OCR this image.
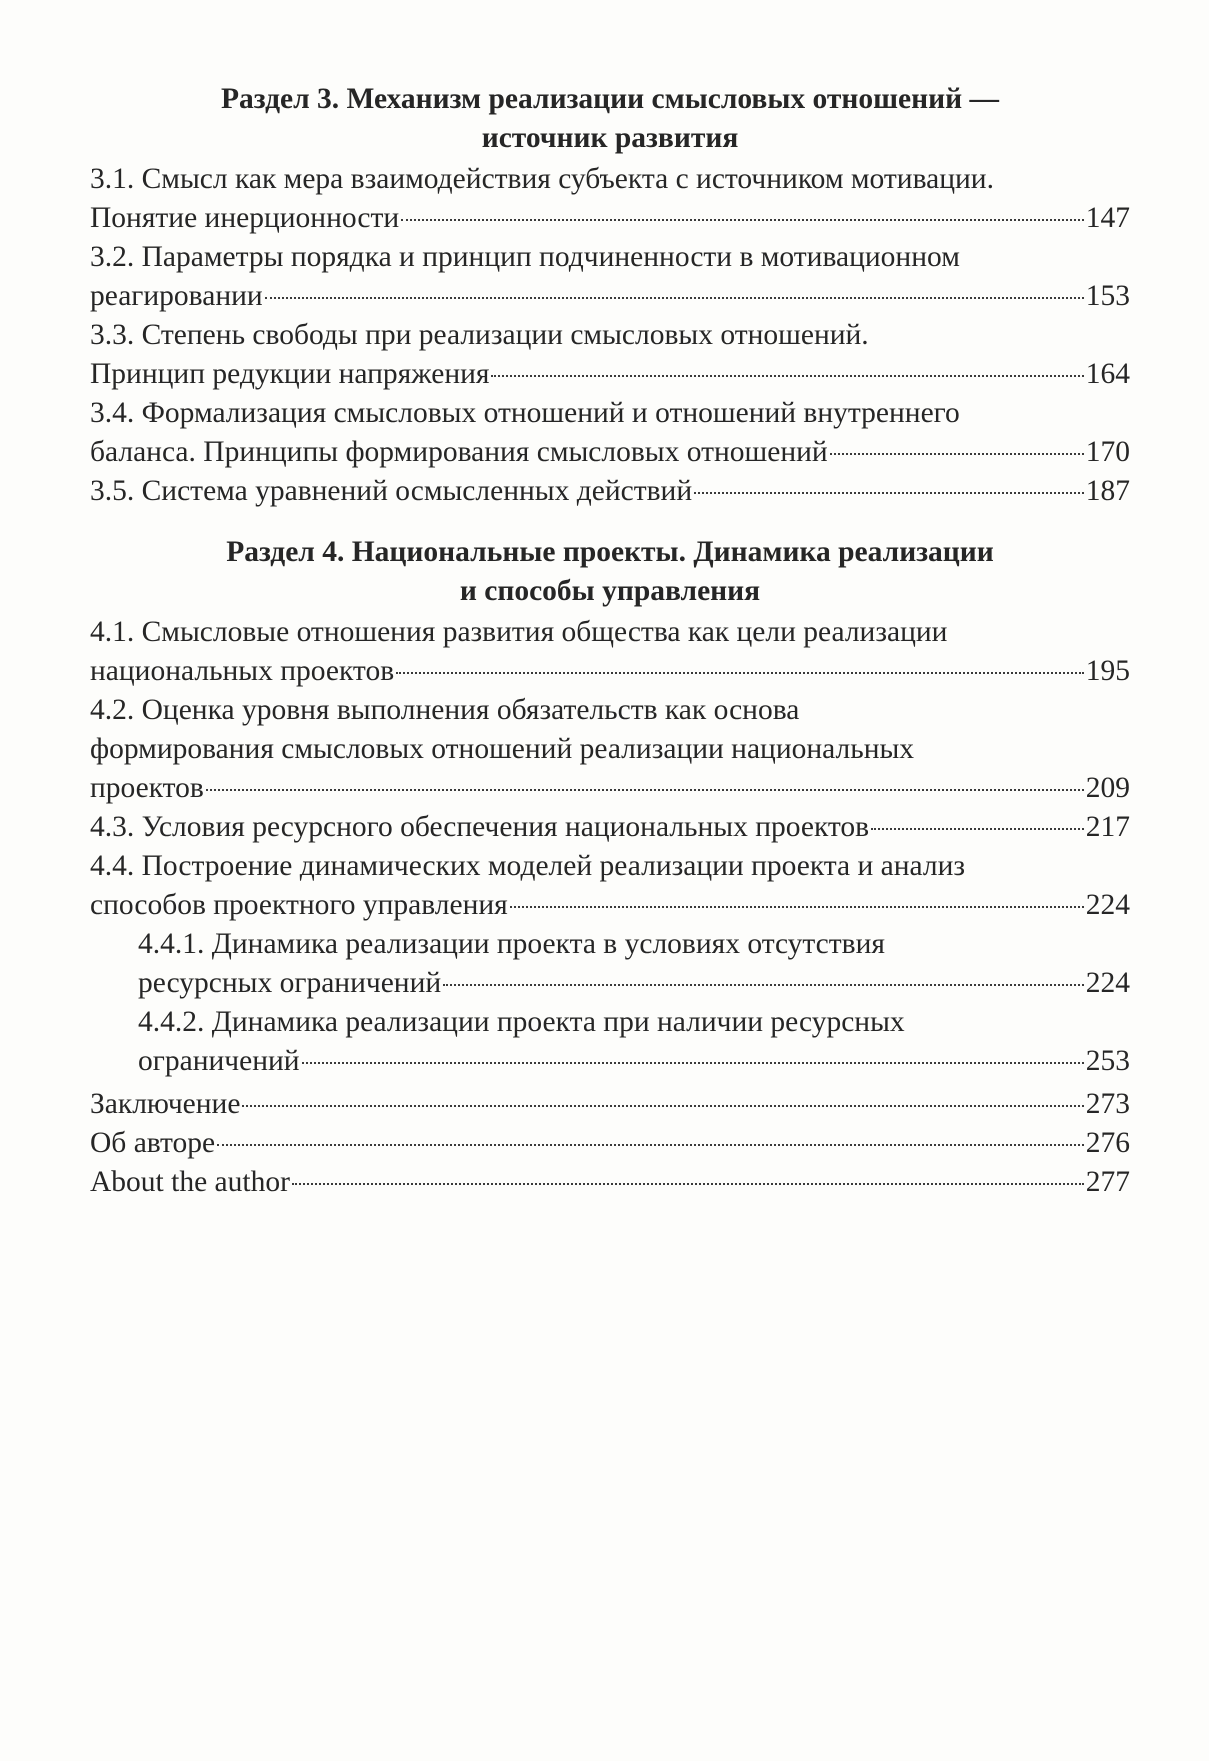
Раздел 3. Механизм реализации смысловых отношений —
источник развития
3.1. Смысл как мера взаимодействия субъекта с источником мотивации.
Понятие инерционности	147
3.2. Параметры порядка и принцип подчиненности в мотивационном
реагировании	153
3.3. Степень свободы при реализации смысловых отношений.
Принцип редукции напряжения	164
3.4. Формализация смысловых отношений и отношений внутреннего
баланса. Принципы формирования смысловых отношений	170
3.5. Система уравнений осмысленных действий	187
Раздел 4. Национальные проекты. Динамика реализации
и способы управления
4.1. Смысловые отношения развития общества как цели реализации
национальных проектов	195
4.2. Оценка уровня выполнения обязательств как основа
формирования смысловых отношений реализации национальных
проектов	209
4.3. Условия ресурсного обеспечения национальных проектов	217
4.4. Построение динамических моделей реализации проекта и анализ
способов проектного управления	224
4.4.1. Динамика реализации проекта в условиях отсутствия
ресурсных ограничений	224
4.4.2. Динамика реализации проекта при наличии ресурсных
ограничений	253
Заключение	273
Об авторе	276
About the author	277
